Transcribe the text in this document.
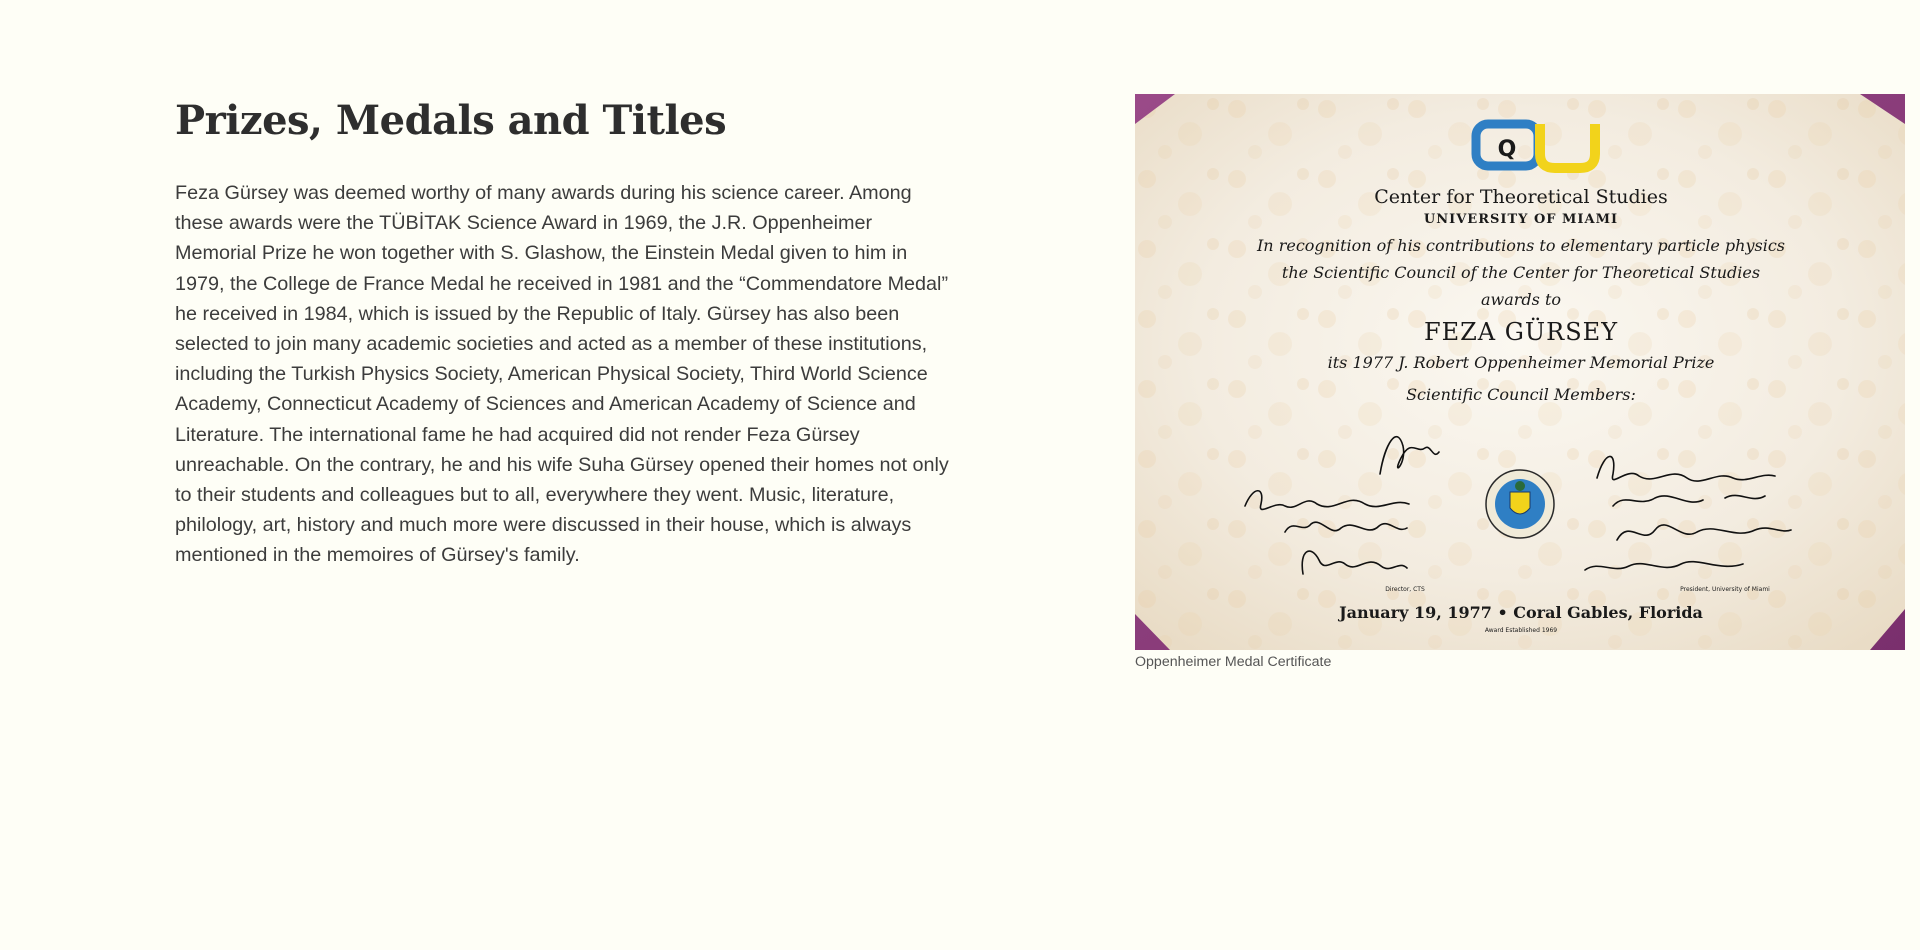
Prizes, Medals and Titles

Feza Gürsey was deemed worthy of many awards during his science career. Among these awards were the TÜBİTAK Science Award in 1969, the J.R. Oppenheimer Memorial Prize he won together with S. Glashow, the Einstein Medal given to him in 1979, the College de France Medal he received in 1981 and the “Commendatore Medal” he received in 1984, which is issued by the Republic of Italy. Gürsey has also been selected to join many academic societies and acted as a member of these institutions, including the Turkish Physics Society, American Physical Society, Third World Science Academy, Connecticut Academy of Sciences and American Academy of Science and Literature. The international fame he had acquired did not render Feza Gürsey unreachable. On the contrary, he and his wife Suha Gürsey opened their homes not only to their students and colleagues but to all, everywhere they went. Music, literature, philology, art, history and much more were discussed in their house, which is always mentioned in the memoires of Gürsey's family.

Q
Center for Theoretical Studies
UNIVERSITY OF MIAMI
In recognition of his contributions to elementary particle physics
the Scientific Council of the Center for Theoretical Studies
awards to
FEZA GÜRSEY
its 1977 J. Robert Oppenheimer Memorial Prize
Scientific Council Members:
Director, CTS	President, University of Miami
January 19, 1977 • Coral Gables, Florida
Award Established 1969
Oppenheimer Medal Certificate
